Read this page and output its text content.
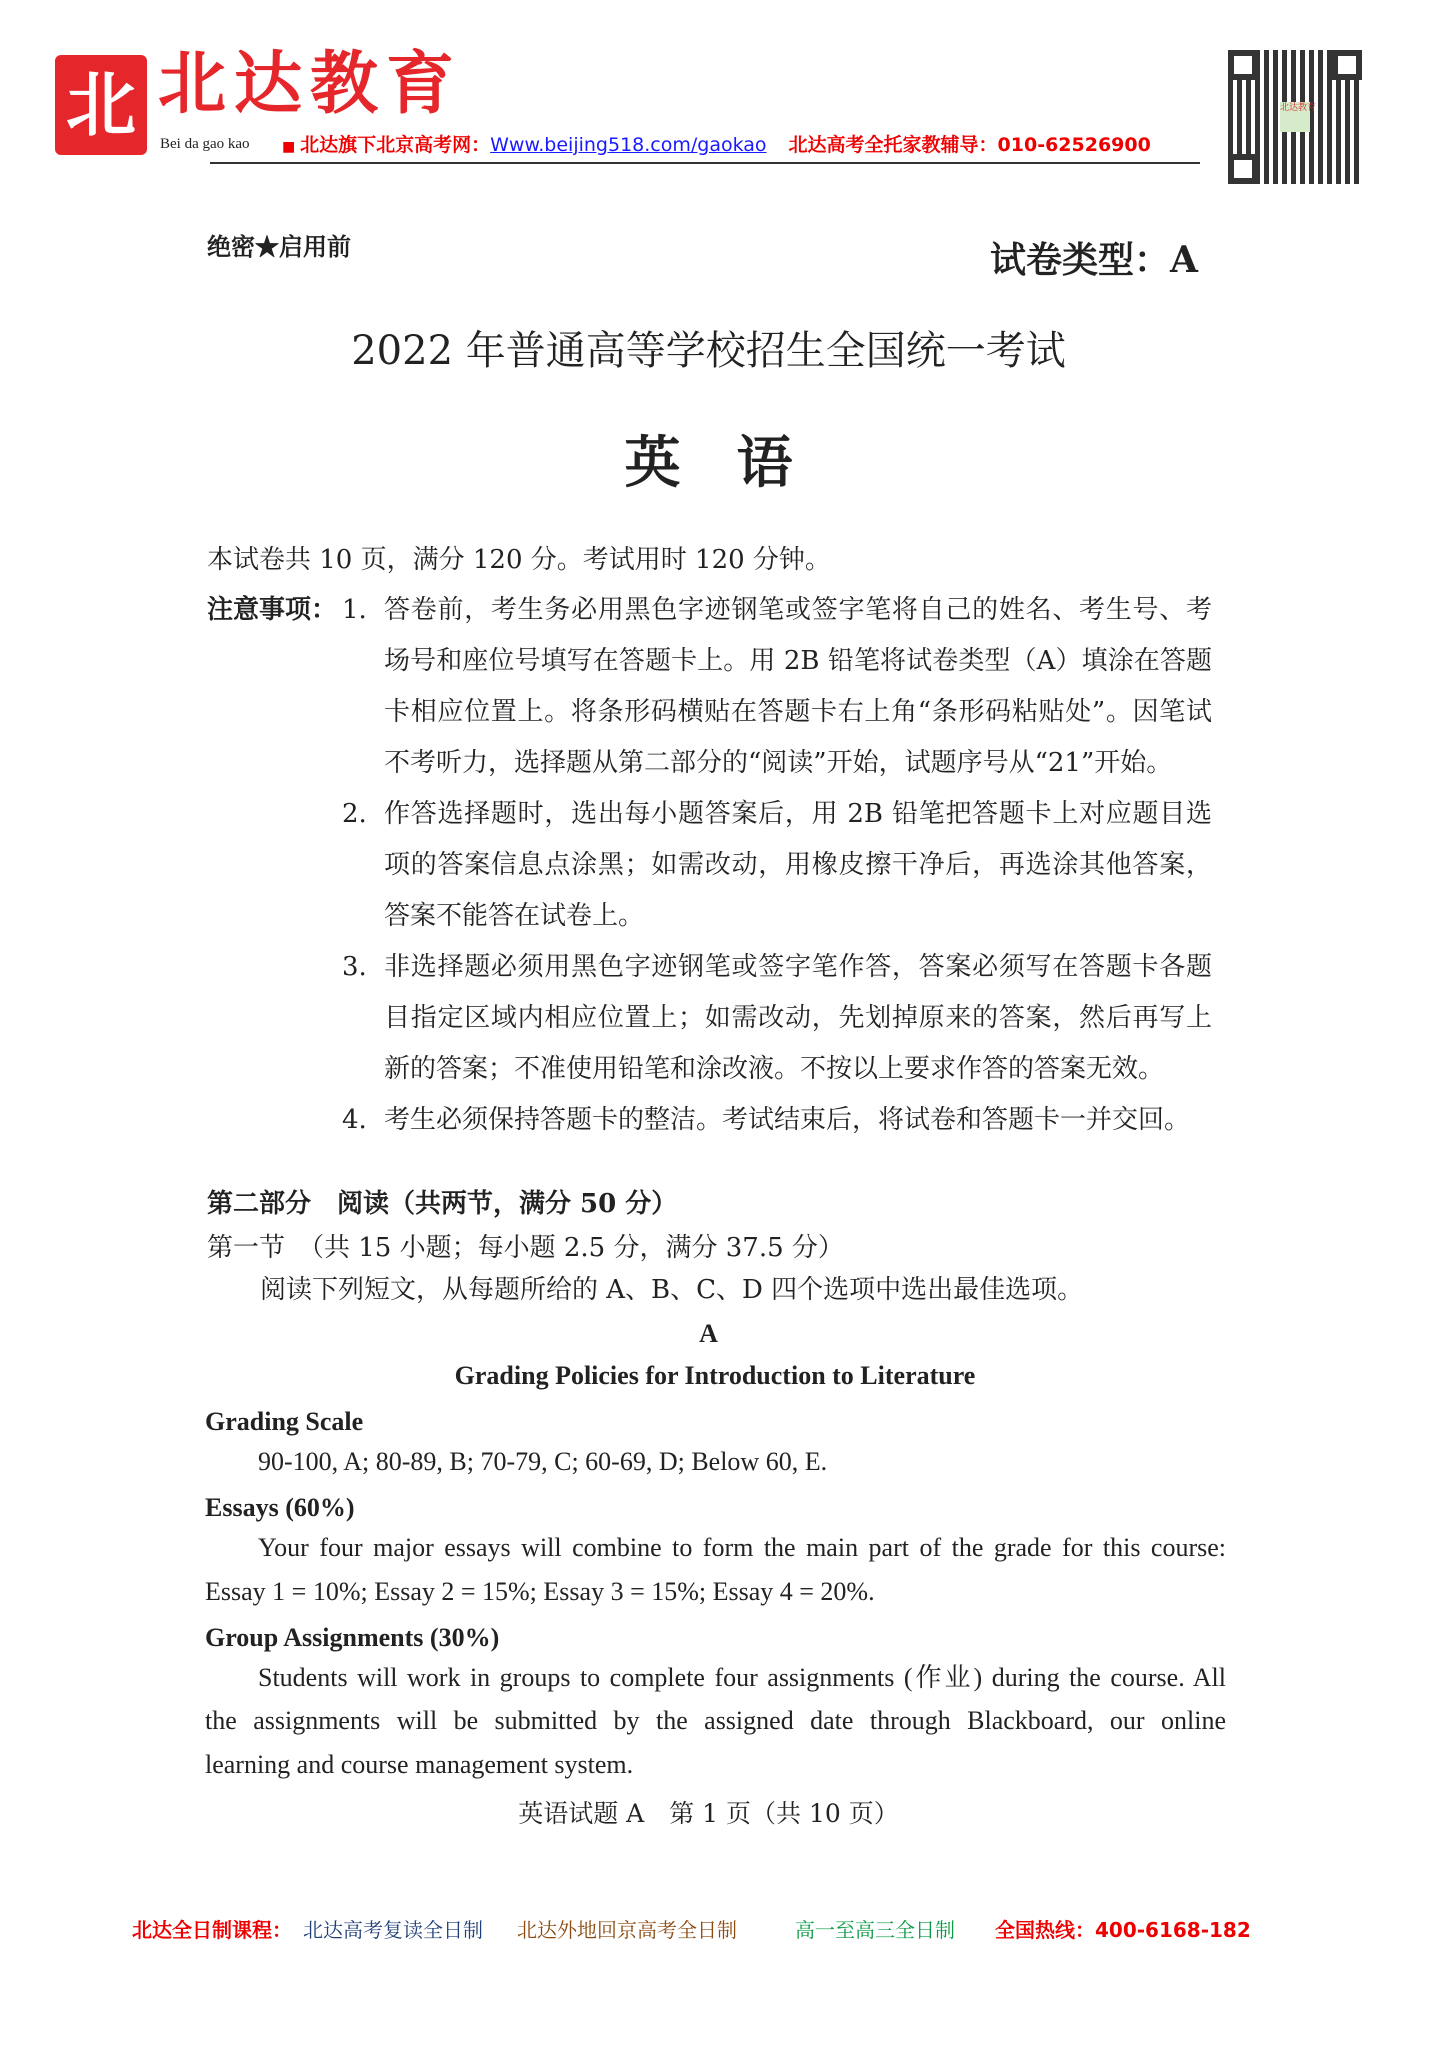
北 北达教育
Bei da gao kao ■ 北达旗下北京高考网：Www.beijing518.com/gaokao 北达高考全托家教辅导：010-62526900
北达教育
绝密★启用前	试卷类型：A
2022 年普通高等学校招生全国统一考试
英　语
本试卷共 10 页，满分 120 分。考试用时 120 分钟。
注意事项： 1. 答卷前，考生务必用黑色字迹钢笔或签字笔将自己的姓名、考生号、考
场号和座位号填写在答题卡上。用 2B 铅笔将试卷类型（A）填涂在答题
卡相应位置上。将条形码横贴在答题卡右上角“条形码粘贴处”。因笔试
不考听力，选择题从第二部分的“阅读”开始，试题序号从“21”开始。
2. 作答选择题时，选出每小题答案后，用 2B 铅笔把答题卡上对应题目选
项的答案信息点涂黑；如需改动，用橡皮擦干净后，再选涂其他答案，
答案不能答在试卷上。
3. 非选择题必须用黑色字迹钢笔或签字笔作答，答案必须写在答题卡各题
目指定区域内相应位置上；如需改动，先划掉原来的答案，然后再写上
新的答案；不准使用铅笔和涂改液。不按以上要求作答的答案无效。
4. 考生必须保持答题卡的整洁。考试结束后，将试卷和答题卡一并交回。
第二部分　阅读（共两节，满分 50 分）
第一节　（共 15 小题；每小题 2.5 分，满分 37.5 分）
阅读下列短文，从每题所给的 A、B、C、D 四个选项中选出最佳选项。
A
Grading Policies for Introduction to Literature
Grading Scale
90-100, A; 80-89, B; 70-79, C; 60-69, D; Below 60, E.
Essays (60%)
Your four major essays will combine to form the main part of the grade for this course:
Essay 1 = 10%; Essay 2 = 15%; Essay 3 = 15%; Essay 4 = 20%.
Group Assignments (30%)
Students will work in groups to complete four assignments (作业) during the course. All
the assignments will be submitted by the assigned date through Blackboard, our online
learning and course management system.
英语试题 A　第 1 页（共 10 页）
北达全日制课程： 北达高考复读全日制 北达外地回京高考全日制	高一至高三全日制 全国热线：400-6168-182
